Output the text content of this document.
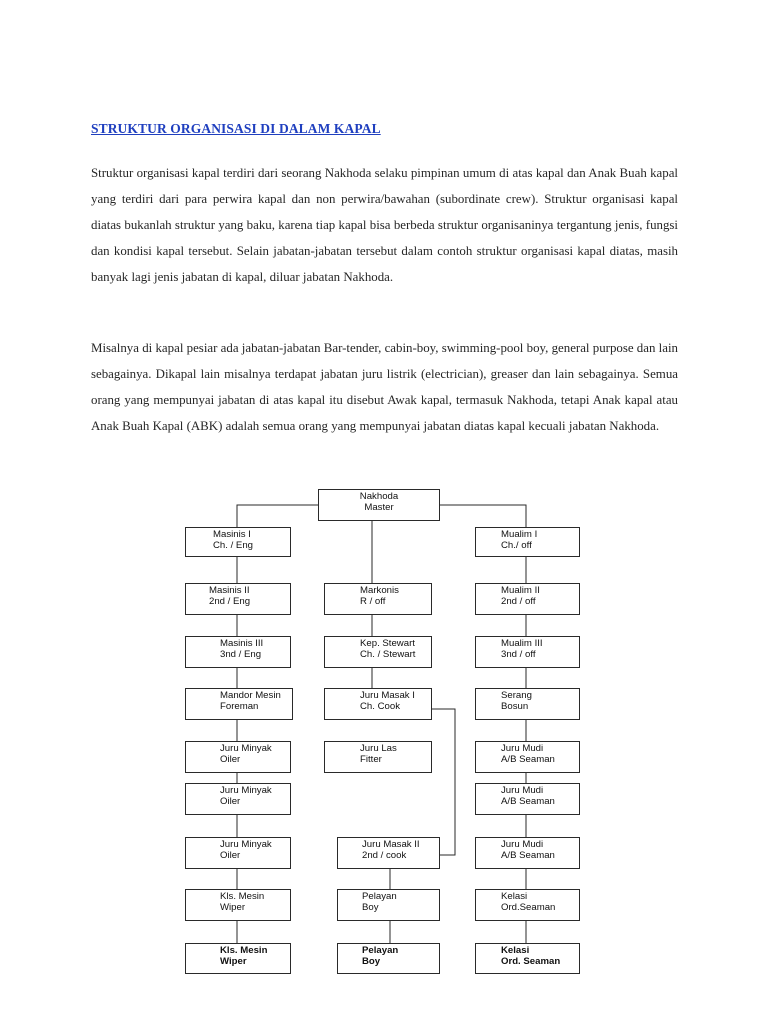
STRUKTUR ORGANISASI DI DALAM KAPAL
Struktur organisasi kapal terdiri dari seorang Nakhoda selaku pimpinan umum di atas kapal dan Anak Buah kapal yang terdiri dari para perwira kapal dan non perwira/bawahan (subordinate crew). Struktur organisasi kapal diatas bukanlah struktur yang baku, karena tiap kapal bisa berbeda struktur organisaninya tergantung jenis, fungsi dan kondisi kapal tersebut. Selain jabatan-jabatan tersebut dalam contoh struktur organisasi kapal diatas, masih banyak lagi jenis jabatan di kapal, diluar jabatan Nakhoda.
Misalnya di kapal pesiar ada jabatan-jabatan Bar-tender, cabin-boy, swimming-pool boy, general purpose dan lain sebagainya. Dikapal lain misalnya terdapat jabatan juru listrik (electrician), greaser dan lain sebagainya. Semua orang yang mempunyai jabatan di atas kapal itu disebut Awak kapal, termasuk Nakhoda, tetapi Anak kapal atau Anak Buah Kapal (ABK) adalah semua orang yang mempunyai jabatan diatas kapal kecuali jabatan Nakhoda.
Nakhoda
Master
Masinis I
Ch. / Eng
Masinis II
2nd / Eng
Masinis III
3nd / Eng
Mandor Mesin
Foreman
Juru Minyak
Oiler
Juru Minyak
Oiler
Juru Minyak
Oiler
Kls. Mesin
Wiper
Kls. Mesin
Wiper
Markonis
R / off
Kep. Stewart
Ch. / Stewart
Juru Masak I
Ch. Cook
Juru Las
Fitter
Juru Masak II
2nd / cook
Pelayan
Boy
Pelayan
Boy
Mualim I
Ch./ off
Mualim II
2nd / off
Mualim III
3nd / off
Serang
Bosun
Juru Mudi
A/B Seaman
Juru Mudi
A/B Seaman
Juru Mudi
A/B Seaman
Kelasi
Ord.Seaman
Kelasi
Ord. Seaman
